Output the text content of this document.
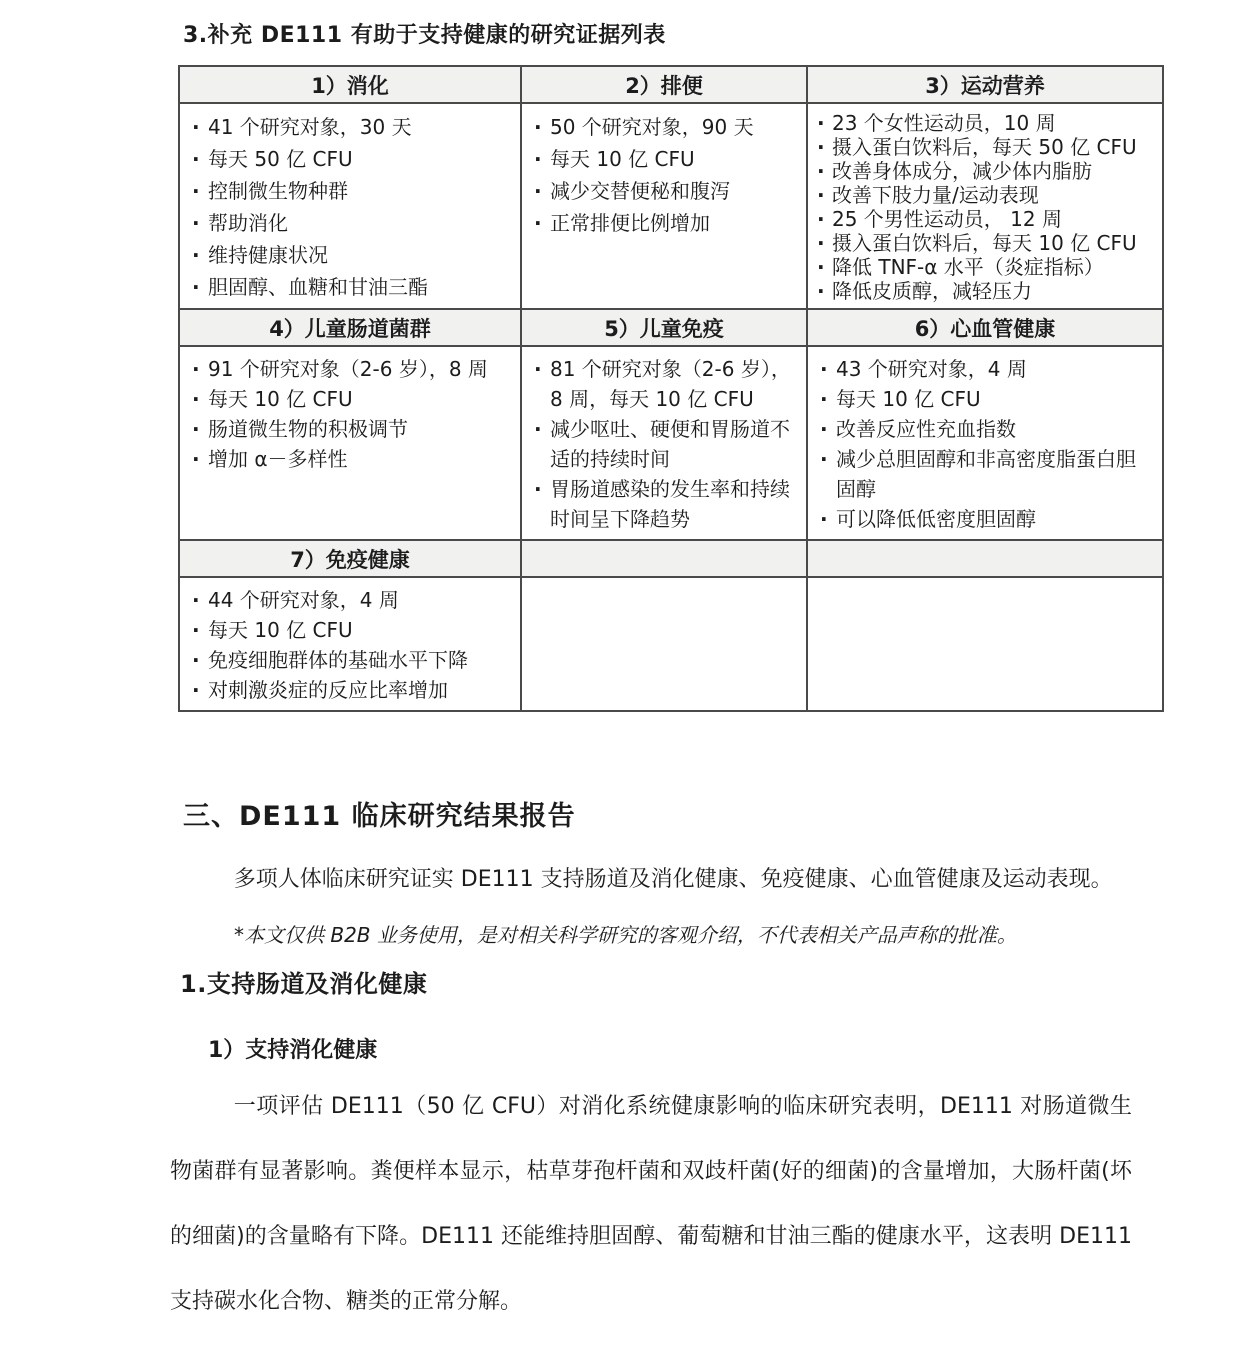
3.补充 DE111 有助于支持健康的研究证据列表
1）消化	2）排便	3）运动营养

· 41 个研究对象，30 天
· 每天 50 亿 CFU
· 控制微生物种群
· 帮助消化
· 维持健康状况
· 胆固醇、血糖和甘油三酯

· 50 个研究对象，90 天
· 每天 10 亿 CFU
· 减少交替便秘和腹泻
· 正常排便比例增加

· 23 个女性运动员，10 周
· 摄入蛋白饮料后，每天 50 亿 CFU
· 改善身体成分，减少体内脂肪
· 改善下肢力量/运动表现
· 25 个男性运动员， 12 周
· 摄入蛋白饮料后，每天 10 亿 CFU
· 降低 TNF-α 水平（炎症指标）
· 降低皮质醇，减轻压力

4）儿童肠道菌群	5）儿童免疫	6）心血管健康

· 91 个研究对象（2-6 岁），8 周
· 每天 10 亿 CFU
· 肠道微生物的积极调节
· 增加 α－多样性

· 81 个研究对象（2-6 岁），8 周，每天 10 亿 CFU
· 减少呕吐、硬便和胃肠道不适的持续时间
· 胃肠道感染的发生率和持续时间呈下降趋势

· 43 个研究对象，4 周
· 每天 10 亿 CFU
· 改善反应性充血指数
· 减少总胆固醇和非高密度脂蛋白胆固醇
· 可以降低低密度胆固醇

7）免疫健康		

· 44 个研究对象，4 周
· 每天 10 亿 CFU
· 免疫细胞群体的基础水平下降
· 对刺激炎症的反应比率增加

三、DE111 临床研究结果报告

多项人体临床研究证实 DE111 支持肠道及消化健康、免疫健康、心血管健康及运动表现。

*本文仅供 B2B 业务使用，是对相关科学研究的客观介绍，不代表相关产品声称的批准。

1.支持肠道及消化健康
1）支持消化健康

一项评估 DE111（50 亿 CFU）对消化系统健康影响的临床研究表明，DE111 对肠道微生物菌群有显著影响。粪便样本显示，枯草芽孢杆菌和双歧杆菌(好的细菌)的含量增加，大肠杆菌(坏的细菌)的含量略有下降。DE111 还能维持胆固醇、葡萄糖和甘油三酯的健康水平，这表明 DE111 支持碳水化合物、糖类的正常分解。
